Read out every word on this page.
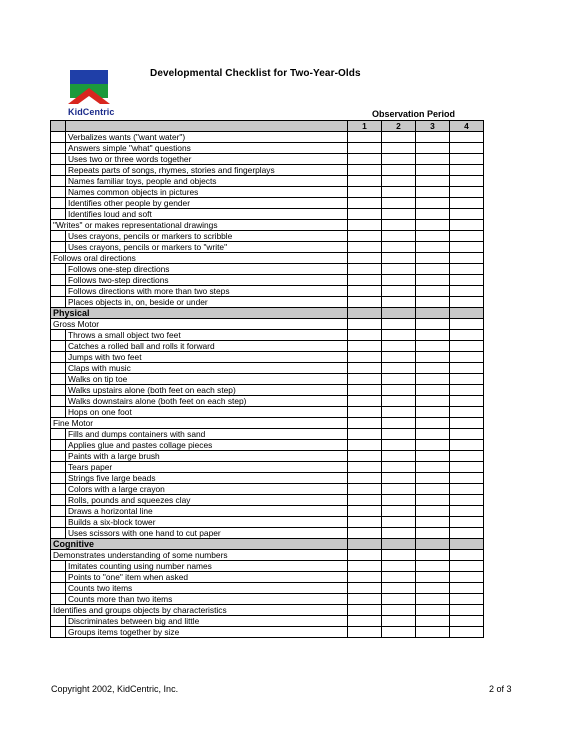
KidCentric
Developmental Checklist for Two-Year-Olds
Observation Period
		1	2	3	4
	Verbalizes wants ("want water")				
	Answers simple "what" questions				
	Uses two or three words together				
	Repeats parts of songs, rhymes, stories and fingerplays				
	Names familiar toys, people and objects				
	Names common objects in pictures				
	Identifies other people by gender				
	Identifies loud and soft				
"Writes" or makes representational drawings					
	Uses crayons, pencils or markers to scribble				
	Uses crayons, pencils or markers to "write"				
Follows oral directions					
	Follows one-step directions				
	Follows two-step directions				
	Follows directions with more than two steps				
	Places objects in, on, beside or under				
Physical					
Gross Motor					
	Throws a small object two feet				
	Catches a rolled ball and rolls it forward				
	Jumps with two feet				
	Claps with music				
	Walks on tip toe				
	Walks upstairs alone (both feet on each step)				
	Walks downstairs alone (both feet on each step)				
	Hops on one foot				
Fine Motor					
	Fills and dumps containers with sand				
	Applies glue and pastes collage pieces				
	Paints with a large brush				
	Tears paper				
	Strings five large beads				
	Colors with a large crayon				
	Rolls, pounds and squeezes clay				
	Draws a horizontal line				
	Builds a six-block tower				
	Uses scissors with one hand to cut paper				
Cognitive					
Demonstrates understanding of some numbers					
	Imitates counting using number names				
	Points to "one" item when asked				
	Counts two items				
	Counts more than two items				
Identifies and groups objects by characteristics					
	Discriminates between big and little				
	Groups items together by size				
Copyright 2002, KidCentric, Inc.	2 of 3
